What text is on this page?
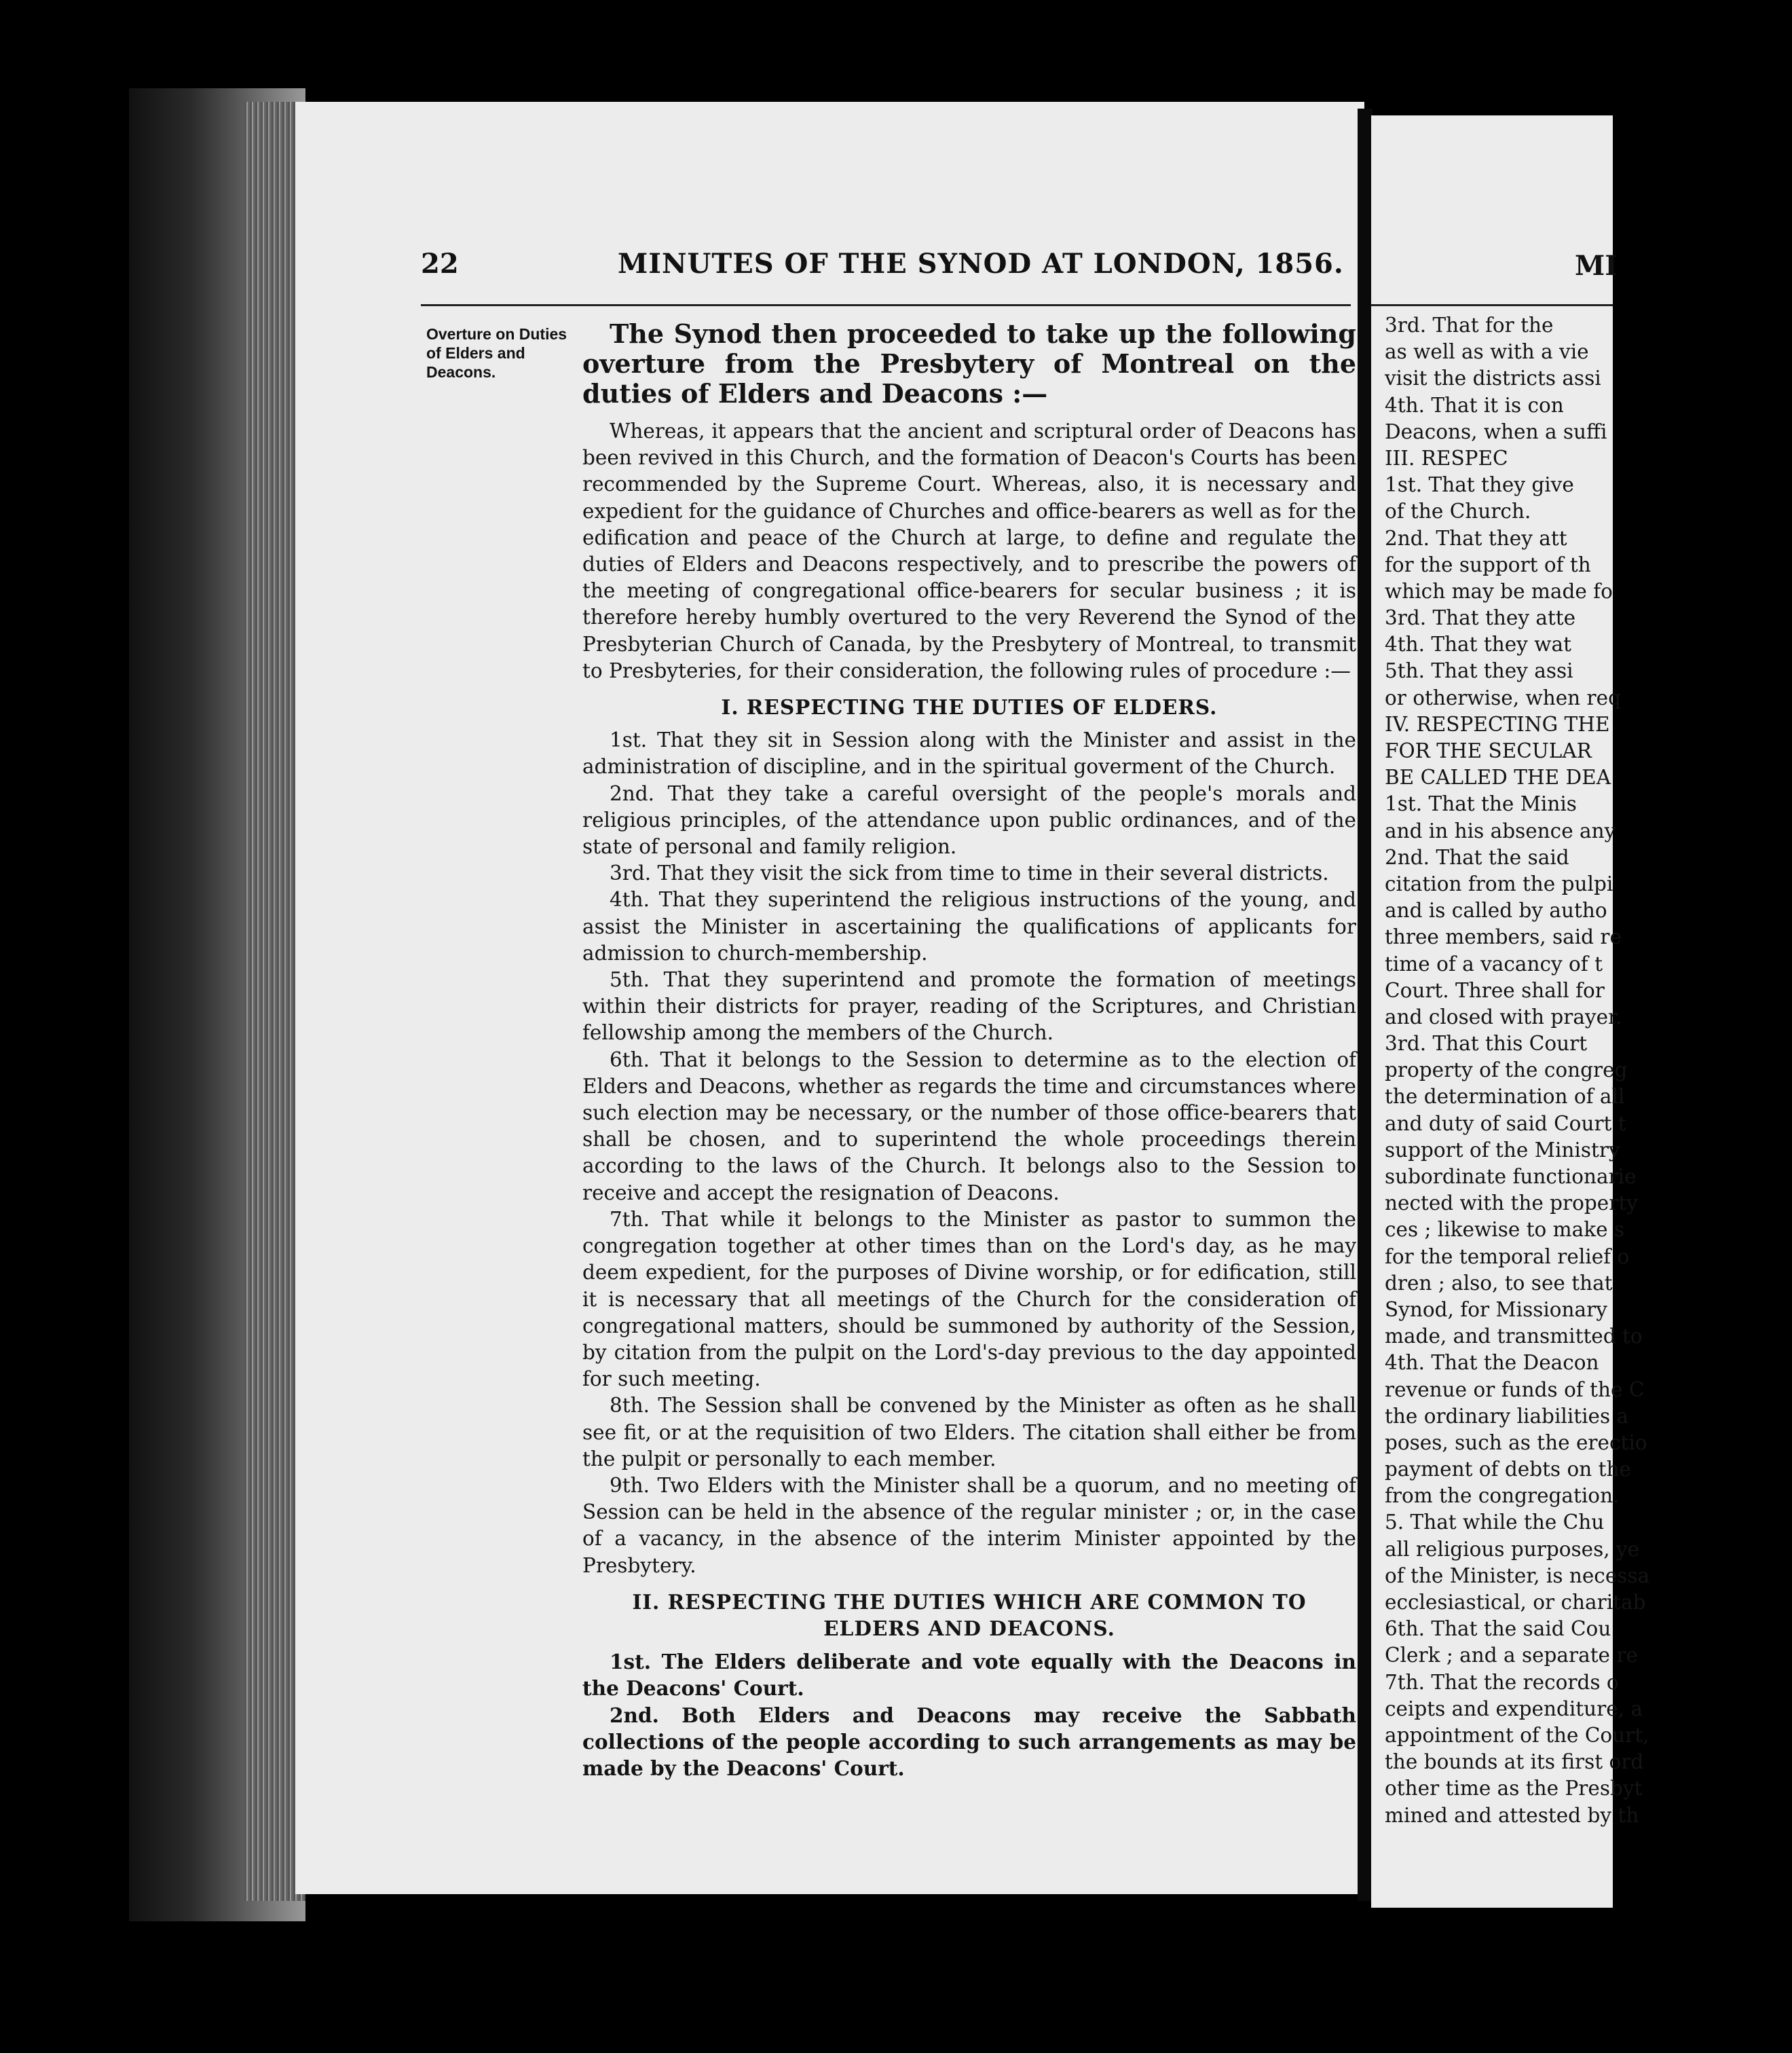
22	MINUTES OF THE SYNOD AT LONDON, 1856.
Overture on Duties of Elders and Deacons.

The Synod then proceeded to take up the following overture from the Presbytery of Montreal on the duties of Elders and Deacons :—

Whereas, it appears that the ancient and scriptural order of Deacons has been revived in this Church, and the formation of Deacon's Courts has been recommended by the Supreme Court. Whereas, also, it is necessary and expedient for the guidance of Churches and office-bearers as well as for the edification and peace of the Church at large, to define and regulate the duties of Elders and Deacons respectively, and to prescribe the powers of the meeting of congregational office-bearers for secular business ; it is therefore hereby humbly overtured to the very Reverend the Synod of the Presbyterian Church of Canada, by the Presbytery of Montreal, to transmit to Presbyteries, for their consideration, the following rules of procedure :—

I. RESPECTING THE DUTIES OF ELDERS.

1st. That they sit in Session along with the Minister and assist in the administration of discipline, and in the spiritual goverment of the Church.

2nd. That they take a careful oversight of the people's morals and religious principles, of the attendance upon public ordinances, and of the state of personal and family religion.

3rd. That they visit the sick from time to time in their several districts.

4th. That they superintend the religious instructions of the young, and assist the Minister in ascertaining the qualifications of applicants for admission to church-membership.

5th. That they superintend and promote the formation of meetings within their districts for prayer, reading of the Scriptures, and Christian fellowship among the members of the Church.

6th. That it belongs to the Session to determine as to the election of Elders and Deacons, whether as regards the time and circumstances where such election may be necessary, or the number of those office-bearers that shall be chosen, and to superintend the whole proceedings therein according to the laws of the Church. It belongs also to the Session to receive and accept the resignation of Deacons.

7th. That while it belongs to the Minister as pastor to summon the congregation together at other times than on the Lord's day, as he may deem expedient, for the purposes of Divine worship, or for edification, still it is necessary that all meetings of the Church for the consideration of congregational matters, should be summoned by authority of the Session, by citation from the pulpit on the Lord's-day previous to the day appointed for such meeting.

8th. The Session shall be convened by the Minister as often as he shall see fit, or at the requisition of two Elders. The citation shall either be from the pulpit or personally to each member.

9th. Two Elders with the Minister shall be a quorum, and no meeting of Session can be held in the absence of the regular minister ; or, in the case of a vacancy, in the absence of the interim Minister appointed by the Presbytery.

II. RESPECTING THE DUTIES WHICH ARE COMMON TO ELDERS AND DEACONS.

1st. The Elders deliberate and vote equally with the Deacons in the Deacons' Court.

2nd. Both Elders and Deacons may receive the Sabbath collections of the people according to such arrangements as may be made by the Deacons' Court.

MI
3rd. That for the
as well as with a vie
visit the districts assi
4th. That it is con
Deacons, when a suffi
III. RESPEC
1st. That they give
of the Church.
2nd. That they att
for the support of th
which may be made fo
3rd. That they atte
4th. That they wat
5th. That they assi
or otherwise, when req
IV. RESPECTING THE
FOR THE SECULAR
BE CALLED THE DEA
1st. That the Minis
and in his absence any
2nd. That the said
citation from the pulpi
and is called by autho
three members, said re
time of a vacancy of t
Court. Three shall for
and closed with prayer.
3rd. That this Court
property of the congreg
the determination of all
and duty of said Court t
support of the Ministry
subordinate functionarie
nected with the property
ces ; likewise to make s
for the temporal relief o
dren ; also, to see that
Synod, for Missionary
made, and transmitted to
4th. That the Deacon
revenue or funds of the C
the ordinary liabilities a
poses, such as the erectio
payment of debts on the
from the congregation.
5. That while the Chu
all religious purposes, ye
of the Minister, is necessa
ecclesiastical, or charitab
6th. That the said Cou
Clerk ; and a separate re
7th. That the records o
ceipts and expenditure, a
appointment of the Court,
the bounds at its first ord
other time as the Presbyt
mined and attested by th
